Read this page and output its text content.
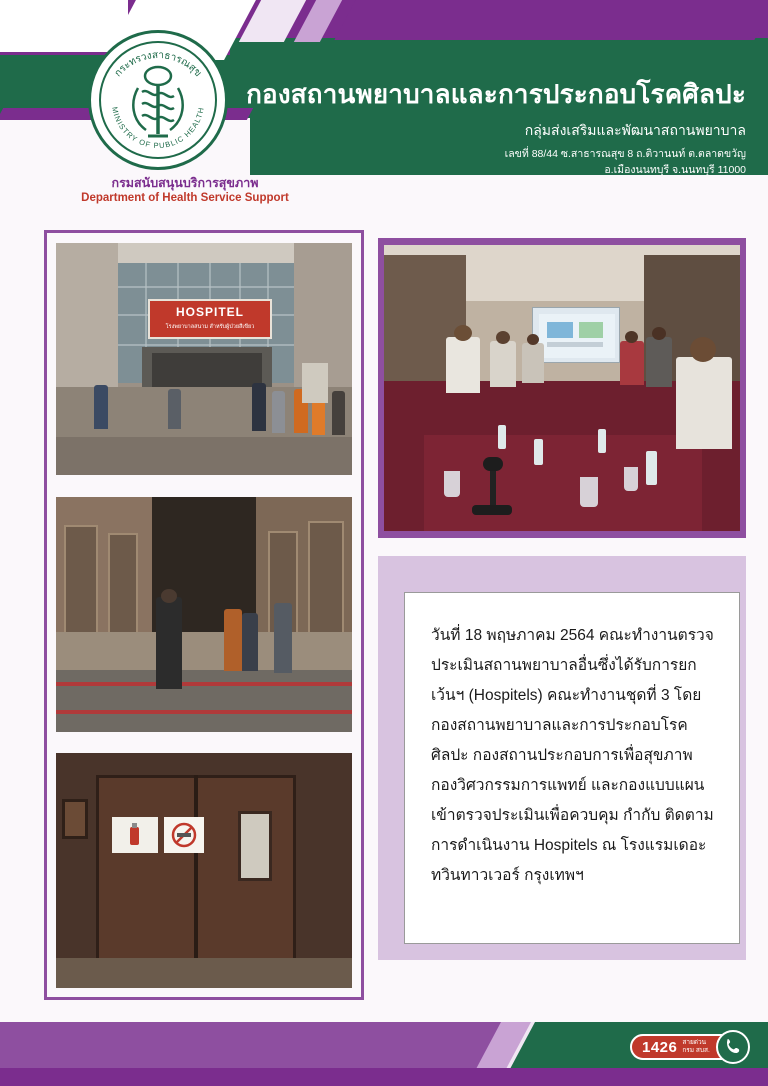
กองสถานพยาบาลและการประกอบโรคศิลปะ
กลุ่มส่งเสริมและพัฒนาสถานพยาบาล
เลขที่ 88/44 ซ.สาธารณสุข 8 ถ.ติวานนท์ ต.ตลาดขวัญ
อ.เมืองนนทบุรี จ.นนทบุรี 11000
กระทรวงสาธารณสุข
MINISTRY OF PUBLIC HEALTH
กรมสนับสนุนบริการสุขภาพ
Department of Health Service Support
HOSPITEL
โรงพยาบาลสนาม สำหรับผู้ป่วยสีเขียว

วันที่ 18 พฤษภาคม 2564 คณะทำงานตรวจประเมินสถานพยาบาลอื่นซึ่งได้รับการยกเว้นฯ (Hospitels) คณะทำงานชุดที่ 3 โดยกองสถานพยาบาลและการประกอบโรคศิลปะ กองสถานประกอบการเพื่อสุขภาพ กองวิศวกรรมการแพทย์ และกองแบบแผน เข้าตรวจประเมินเพื่อควบคุม กำกับ ติดตาม การดำเนินงาน Hospitels ณ โรงแรมเดอะทวินทาวเวอร์ กรุงเทพฯ

1426 สายด่วน
กรม สบส.
